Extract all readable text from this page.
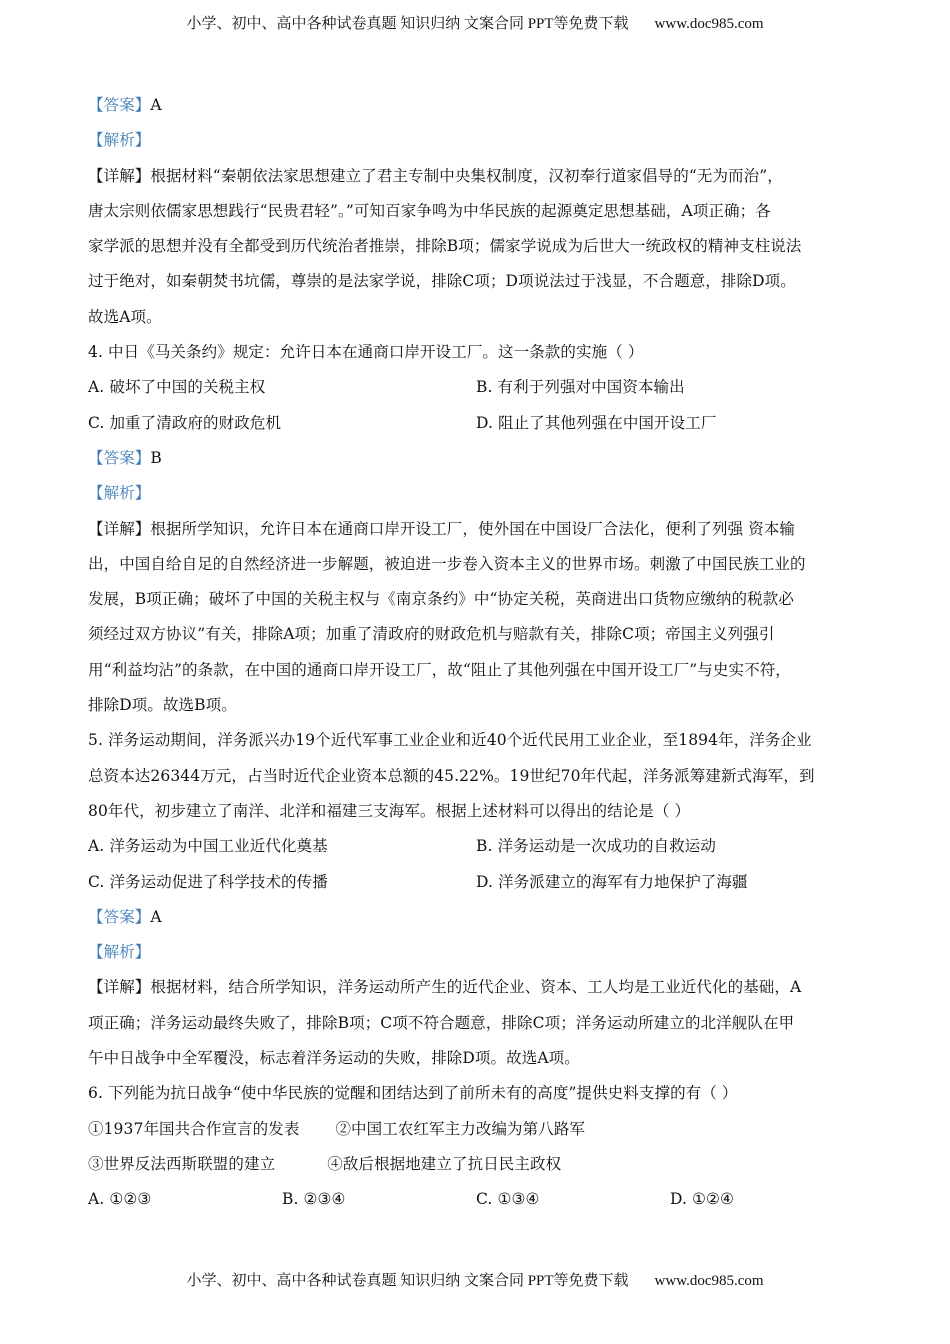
小学、初中、高中各种试卷真题 知识归纳 文案合同 PPT等免费下载 www.doc985.com
【答案】A
【解析】
【详解】根据材料“秦朝依法家思想建立了君主专制中央集权制度，汉初奉行道家倡导的“无为而治”，
唐太宗则依儒家思想践行“民贵君轻”。”可知百家争鸣为中华民族的起源奠定思想基础，A项正确；各
家学派的思想并没有全都受到历代统治者推崇，排除B项；儒家学说成为后世大一统政权的精神支柱说法
过于绝对，如秦朝焚书坑儒，尊崇的是法家学说，排除C项；D项说法过于浅显，不合题意，排除D项。
故选A项。
4. 中日《马关条约》规定：允许日本在通商口岸开设工厂。这一条款的实施（ ）
A. 破坏了中国的关税主权	B. 有利于列强对中国资本输出
C. 加重了清政府的财政危机	D. 阻止了其他列强在中国开设工厂
【答案】B
【解析】
【详解】根据所学知识，允许日本在通商口岸开设工厂，使外国在中国设厂合法化，便利了列强 资本输
出，中国自给自足的自然经济进一步解题，被迫进一步卷入资本主义的世界市场。刺激了中国民族工业的
发展，B项正确；破坏了中国的关税主权与《南京条约》中“协定关税，英商进出口货物应缴纳的税款必
须经过双方协议”有关，排除A项；加重了清政府的财政危机与赔款有关，排除C项；帝国主义列强引
用“利益均沾”的条款，在中国的通商口岸开设工厂，故“阻止了其他列强在中国开设工厂”与史实不符，
排除D项。故选B项。
5. 洋务运动期间，洋务派兴办19个近代军事工业企业和近40个近代民用工业企业，至1894年，洋务企业
总资本达26344万元，占当时近代企业资本总额的45.22%。19世纪70年代起，洋务派筹建新式海军，到
80年代，初步建立了南洋、北洋和福建三支海军。根据上述材料可以得出的结论是（ ）
A. 洋务运动为中国工业近代化奠基	B. 洋务运动是一次成功的自救运动
C. 洋务运动促进了科学技术的传播	D. 洋务派建立的海军有力地保护了海疆
【答案】A
【解析】
【详解】根据材料，结合所学知识，洋务运动所产生的近代企业、资本、工人均是工业近代化的基础，A
项正确；洋务运动最终失败了，排除B项；C项不符合题意，排除C项；洋务运动所建立的北洋舰队在甲
午中日战争中全军覆没，标志着洋务运动的失败，排除D项。故选A项。
6. 下列能为抗日战争“使中华民族的觉醒和团结达到了前所未有的高度”提供史料支撑的有（ ）
①1937年国共合作宣言的发表 ②中国工农红军主力改编为第八路军
③世界反法西斯联盟的建立	④敌后根据地建立了抗日民主政权
A. ①②③	B. ②③④	C. ①③④	D. ①②④
小学、初中、高中各种试卷真题 知识归纳 文案合同 PPT等免费下载 www.doc985.com
